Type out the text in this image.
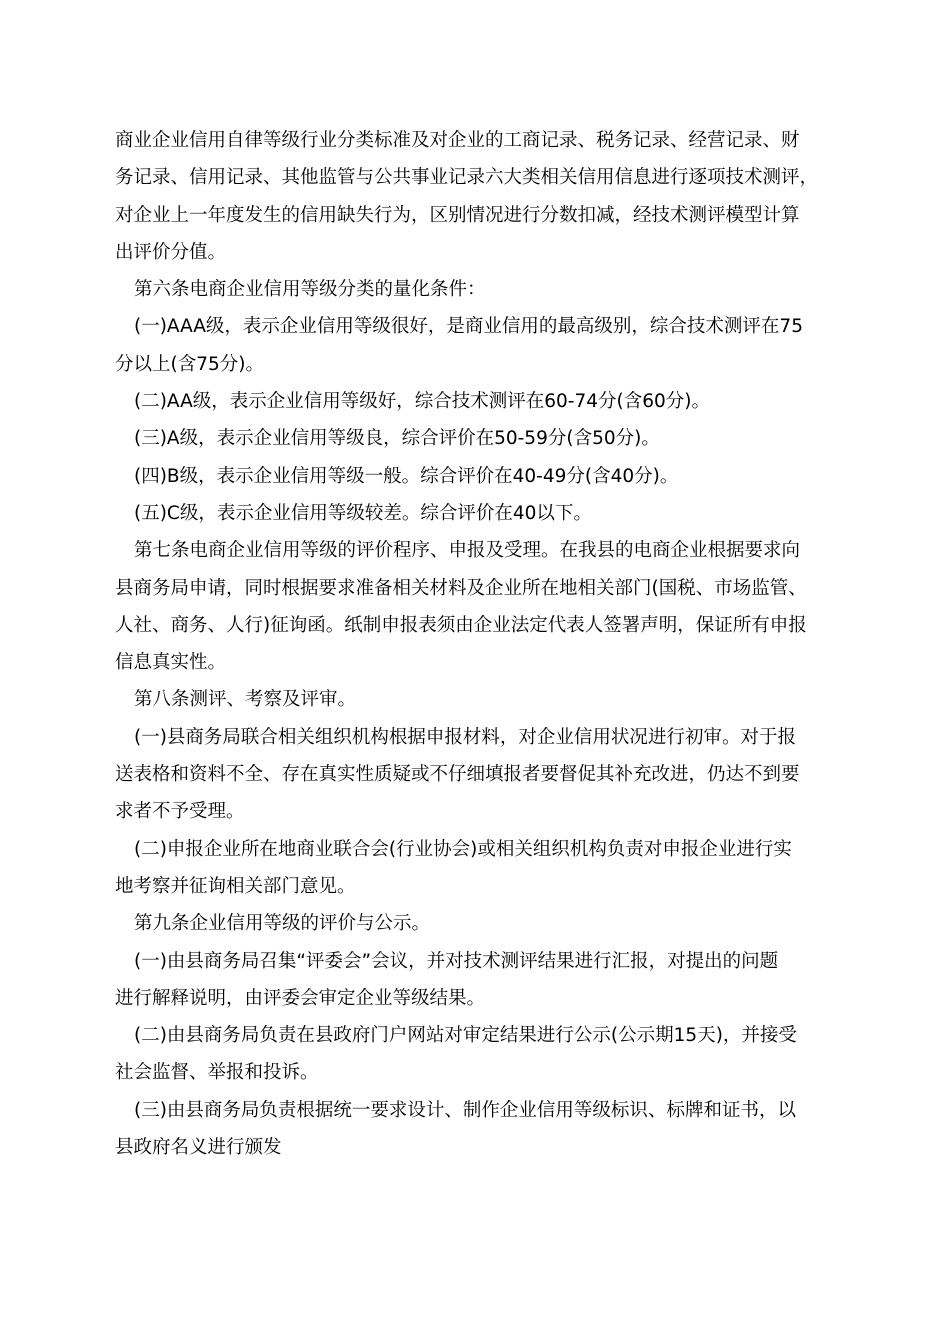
商业企业信用自律等级行业分类标准及对企业的工商记录、税务记录、经营记录、财
务记录、信用记录、其他监管与公共事业记录六大类相关信用信息进行逐项技术测评，
对企业上一年度发生的信用缺失行为，区别情况进行分数扣减，经技术测评模型计算
出评价分值。
第六条电商企业信用等级分类的量化条件：
(一)AAA级，表示企业信用等级很好，是商业信用的最高级别，综合技术测评在75
分以上(含75分)。
(二)AA级，表示企业信用等级好，综合技术测评在60-74分(含60分)。
(三)A级，表示企业信用等级良，综合评价在50-59分(含50分)。
(四)B级，表示企业信用等级一般。综合评价在40-49分(含40分)。
(五)C级，表示企业信用等级较差。综合评价在40以下。
第七条电商企业信用等级的评价程序、申报及受理。在我县的电商企业根据要求向
县商务局申请，同时根据要求准备相关材料及企业所在地相关部门(国税、市场监管、
人社、商务、人行)征询函。纸制申报表须由企业法定代表人签署声明，保证所有申报
信息真实性。
第八条测评、考察及评审。
(一)县商务局联合相关组织机构根据申报材料，对企业信用状况进行初审。对于报
送表格和资料不全、存在真实性质疑或不仔细填报者要督促其补充改进，仍达不到要
求者不予受理。
(二)申报企业所在地商业联合会(行业协会)或相关组织机构负责对申报企业进行实
地考察并征询相关部门意见。
第九条企业信用等级的评价与公示。
(一)由县商务局召集“评委会”会议，并对技术测评结果进行汇报，对提出的问题
进行解释说明，由评委会审定企业等级结果。
(二)由县商务局负责在县政府门户网站对审定结果进行公示(公示期15天)，并接受
社会监督、举报和投诉。
(三)由县商务局负责根据统一要求设计、制作企业信用等级标识、标牌和证书，以
县政府名义进行颁发
